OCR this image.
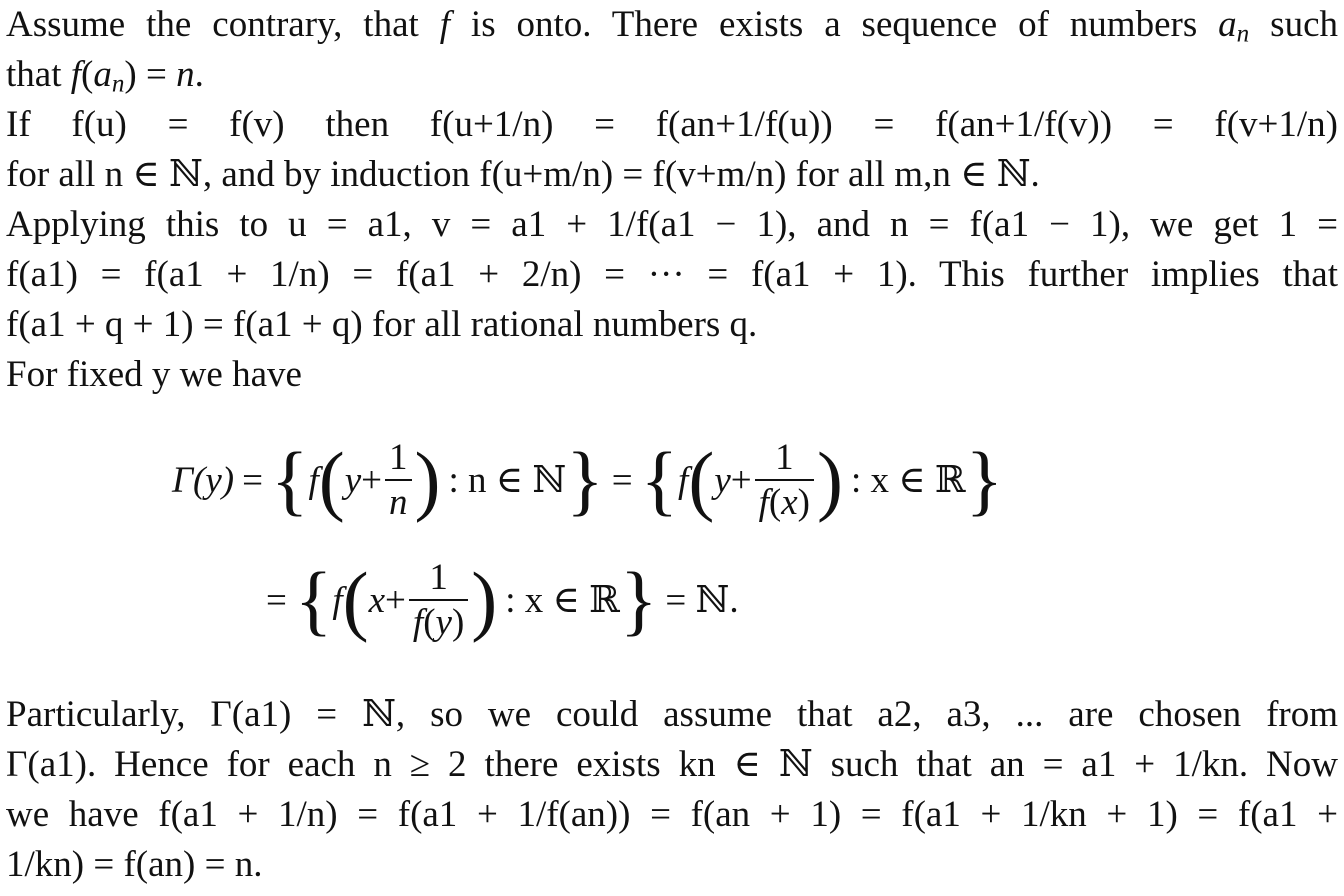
Assume the contrary, that f is onto. There exists a sequence of numbers $a_n$ such
that $f(a_n) = n$.
If f(u) = f(v) then f(u+1/n) = f(an+1/f(u)) = f(an+1/f(v)) = f(v+1/n)
for all n ∈ ℕ, and by induction f(u+m/n) = f(v+m/n) for all m,n ∈ ℕ.
Applying this to u = a1, v = a1 + 1/f(a1 − 1), and n = f(a1 − 1), we get 1 =
f(a1) = f(a1 + 1/n) = f(a1 + 2/n) = ··· = f(a1 + 1). This further implies that
f(a1 + q + 1) = f(a1 + q) for all rational numbers q.
For fixed y we have
Γ(y) = { f ( $y + \frac{1}{n}$ ) : n ∈ ℕ } = { f ( $y + \frac{1}{f(x)}$ ) : x ∈ ℝ }
= { f ( $x + \frac{1}{f(y)}$ ) : x ∈ ℝ } = ℕ.
Particularly, Γ(a1) = ℕ, so we could assume that a2, a3, ... are chosen from
Γ(a1). Hence for each n ≥ 2 there exists kn ∈ ℕ such that an = a1 + 1/kn. Now
we have f(a1 + 1/n) = f(a1 + 1/f(an)) = f(an + 1) = f(a1 + 1/kn + 1) = f(a1 +
1/kn) = f(an) = n.
